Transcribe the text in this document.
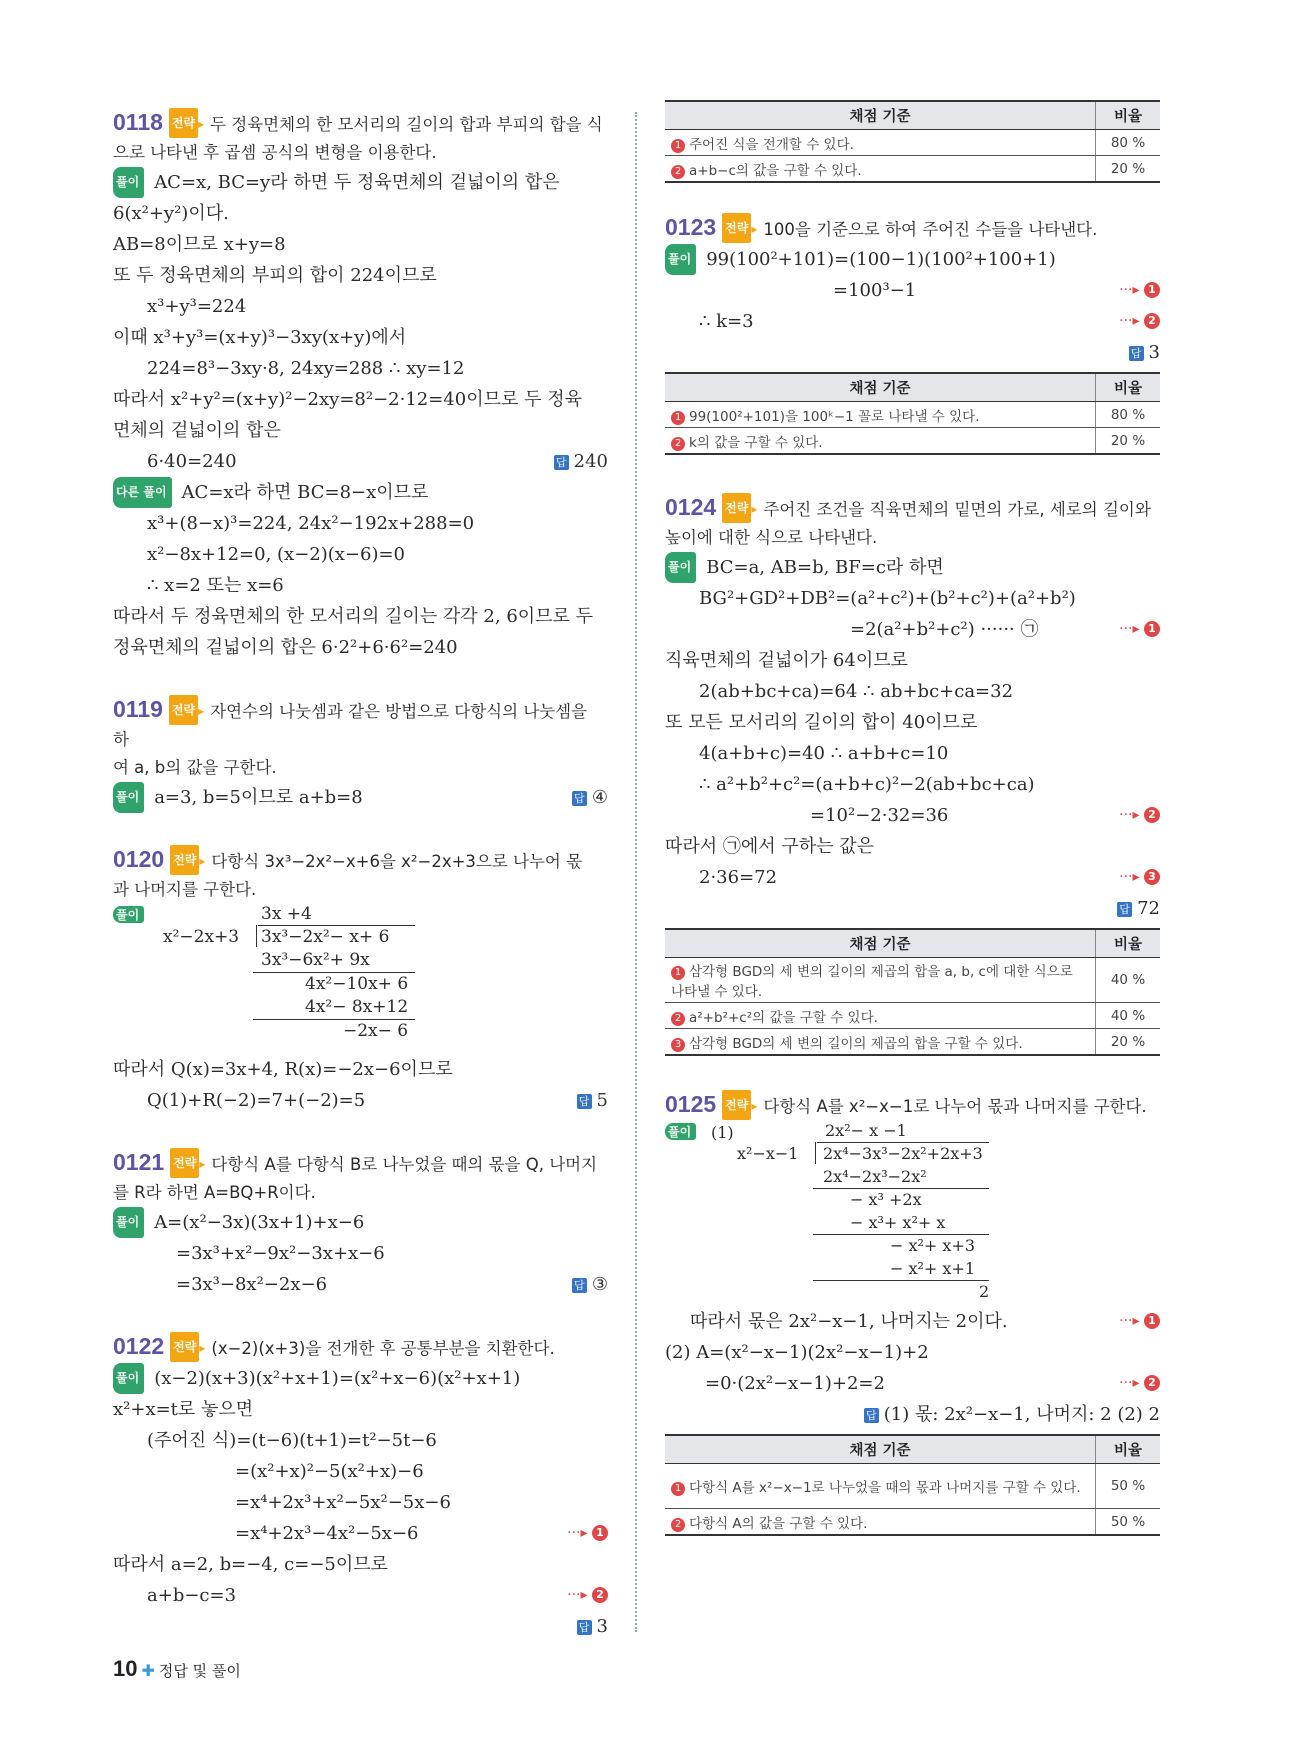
0118 전략 ▸ 두 정육면체의 한 모서리의 길이의 합과 부피의 합을 식
으로 나타낸 후 곱셈 공식의 변형을 이용한다.
풀이 AC=x, BC=y라 하면 두 정육면체의 겉넓이의 합은
6(x²+y²)이다.
AB=8이므로 x+y=8
또 두 정육면체의 부피의 합이 224이므로
x³+y³=224
이때 x³+y³=(x+y)³−3xy(x+y)에서
224=8³−3xy·8, 24xy=288 ∴ xy=12
따라서 x²+y²=(x+y)²−2xy=8²−2·12=40이므로 두 정육
면체의 겉넓이의 합은
6·40=240	답 240
다른 풀이 AC=x라 하면 BC=8−x이므로
x³+(8−x)³=224, 24x²−192x+288=0
x²−8x+12=0, (x−2)(x−6)=0
∴ x=2 또는 x=6
따라서 두 정육면체의 한 모서리의 길이는 각각 2, 6이므로 두
정육면체의 겉넓이의 합은 6·2²+6·6²=240
0119 전략 ▸ 자연수의 나눗셈과 같은 방법으로 다항식의 나눗셈을 하
여 a, b의 값을 구한다.
풀이 a=3, b=5이므로 a+b=8	답 ④
0120 전략 ▸ 다항식 3x³−2x²−x+6을 x²−2x+3으로 나누어 몫
과 나머지를 구한다.
풀이	3x +4
x²−2x+3 3x³−2x²− x+ 6
3x³−6x²+ 9x
4x²−10x+ 6
4x²− 8x+12
−2x− 6
따라서 Q(x)=3x+4, R(x)=−2x−6이므로
Q(1)+R(−2)=7+(−2)=5	답 5
0121 전략 ▸ 다항식 A를 다항식 B로 나누었을 때의 몫을 Q, 나머지
를 R라 하면 A=BQ+R이다.
풀이 A=(x²−3x)(3x+1)+x−6
=3x³+x²−9x²−3x+x−6
=3x³−8x²−2x−6	답 ③
0122 전략 ▸ (x−2)(x+3)을 전개한 후 공통부분을 치환한다.
풀이 (x−2)(x+3)(x²+x+1)=(x²+x−6)(x²+x+1)
x²+x=t로 놓으면
(주어진 식)=(t−6)(t+1)=t²−5t−6
=(x²+x)²−5(x²+x)−6
=x⁴+2x³+x²−5x²−5x−6
=x⁴+2x³−4x²−5x−6	···▸ 1
따라서 a=2, b=−4, c=−5이므로
a+b−c=3	···▸ 2
답 3
채점 기준	비율
1 주어진 식을 전개할 수 있다.	80 %
2 a+b−c의 값을 구할 수 있다.	20 %
0123 전략 ▸ 100을 기준으로 하여 주어진 수들을 나타낸다.
풀이 99(100²+101)=(100−1)(100²+100+1)
=100³−1	···▸ 1
∴ k=3	···▸ 2
답 3
채점 기준	비율
1 99(100²+101)을 100ᵏ−1 꼴로 나타낼 수 있다.	80 %
2 k의 값을 구할 수 있다.	20 %
0124 전략 ▸ 주어진 조건을 직육면체의 밑면의 가로, 세로의 길이와
높이에 대한 식으로 나타낸다.
풀이 BC=a, AB=b, BF=c라 하면
BG²+GD²+DB²=(a²+c²)+(b²+c²)+(a²+b²)
=2(a²+b²+c²) ······ ㉠	···▸ 1
직육면체의 겉넓이가 64이므로
2(ab+bc+ca)=64 ∴ ab+bc+ca=32
또 모든 모서리의 길이의 합이 40이므로
4(a+b+c)=40 ∴ a+b+c=10
∴ a²+b²+c²=(a+b+c)²−2(ab+bc+ca)
=10²−2·32=36	···▸ 2
따라서 ㉠에서 구하는 값은
2·36=72	···▸ 3
답 72
채점 기준	비율
1 삼각형 BGD의 세 변의 길이의 제곱의 합을 a, b, c에 대한 식으로 나타낼 수 있다.	40 %
2 a²+b²+c²의 값을 구할 수 있다.	40 %
3 삼각형 BGD의 세 변의 길이의 제곱의 합을 구할 수 있다.	20 %
0125 전략 ▸ 다항식 A를 x²−x−1로 나누어 몫과 나머지를 구한다.
풀이	(1)	2x²− x −1
x²−x−1 2x⁴−3x³−2x²+2x+3
2x⁴−2x³−2x²
− x³ +2x
− x³+ x²+ x
− x²+ x+3
− x²+ x+1
2
따라서 몫은 2x²−x−1, 나머지는 2이다.	···▸ 1
(2) A=(x²−x−1)(2x²−x−1)+2
=0·(2x²−x−1)+2=2	···▸ 2
답 (1) 몫: 2x²−x−1, 나머지: 2 (2) 2
채점 기준	비율
1 다항식 A를 x²−x−1로 나누었을 때의 몫과 나머지를 구할 수 있다.	50 %
2 다항식 A의 값을 구할 수 있다.	50 %
10 ✚ 정답 및 풀이
